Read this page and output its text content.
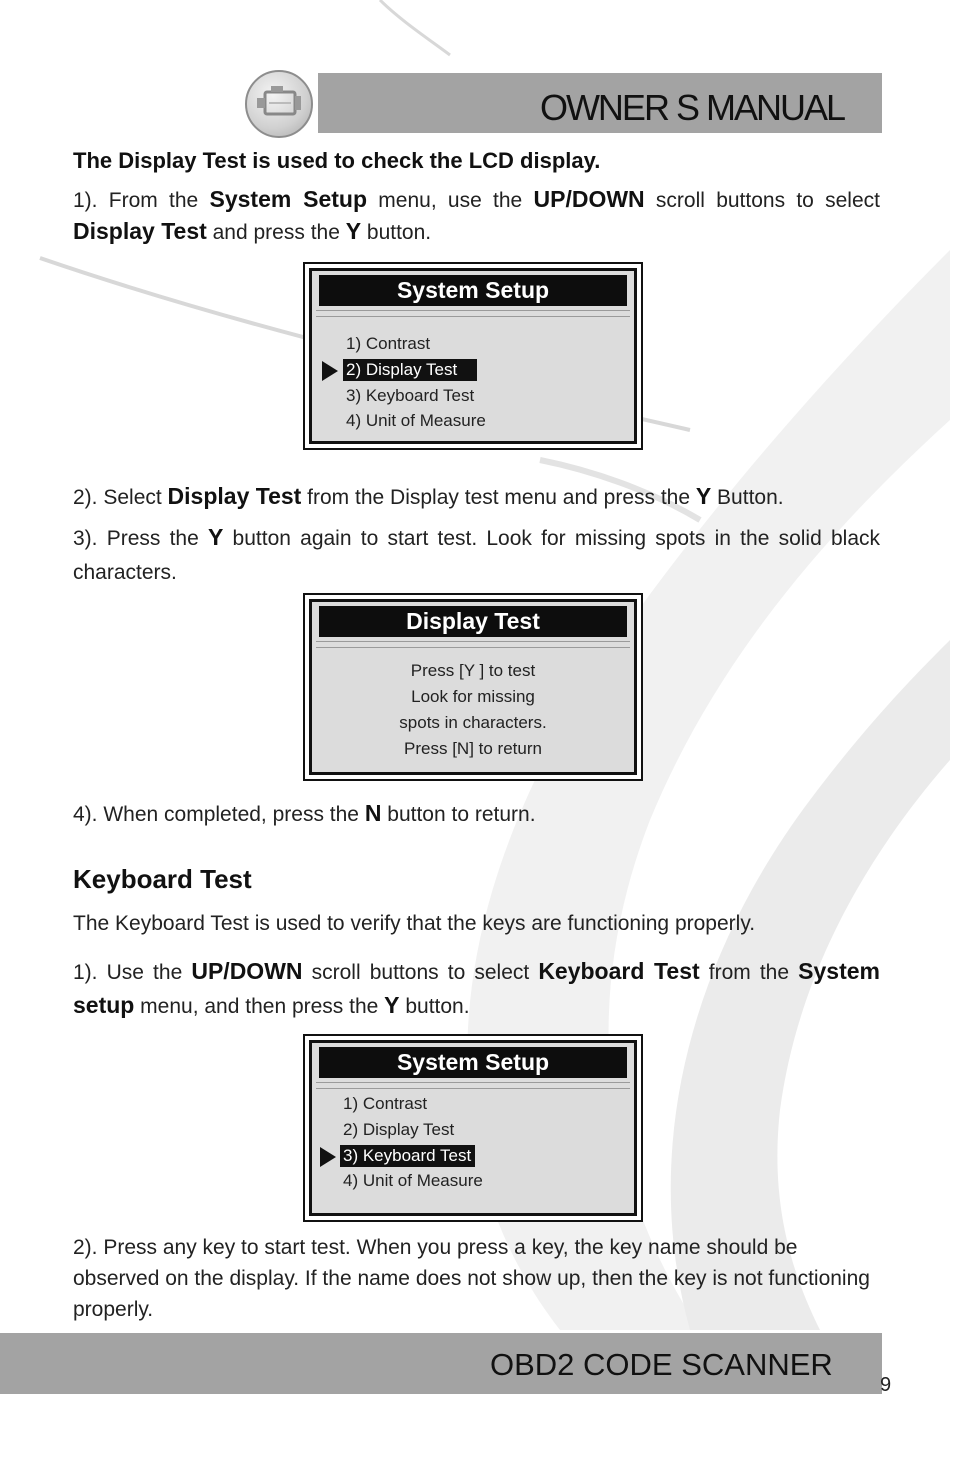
OWNER S MANUAL
The Display Test is used to check the LCD display.
1). From the System Setup menu, use the UP/DOWN scroll buttons to select Display Test and press the Y button.
System Setup
1) Contrast
2) Display Test
3) Keyboard Test
4) Unit of Measure
2). Select Display Test from the Display test menu and press the Y Button.
3). Press the Y button again to start test. Look for missing spots in the solid black characters.
Display Test
Press [Y ] to test
Look for missing
spots in characters.
Press [N] to return
4). When completed, press the N button to return.
Keyboard Test
The Keyboard Test is used to verify that the keys are functioning properly.
1). Use the UP/DOWN scroll buttons to select Keyboard Test from the System setup menu, and then press the Y button.
System Setup
1) Contrast
2) Display Test
3) Keyboard Test
4) Unit of Measure
2). Press any key to start test. When you press a key, the key name should be observed on the display. If the name does not show up, then the key is not functioning properly.
OBD2 CODE SCANNER
9
